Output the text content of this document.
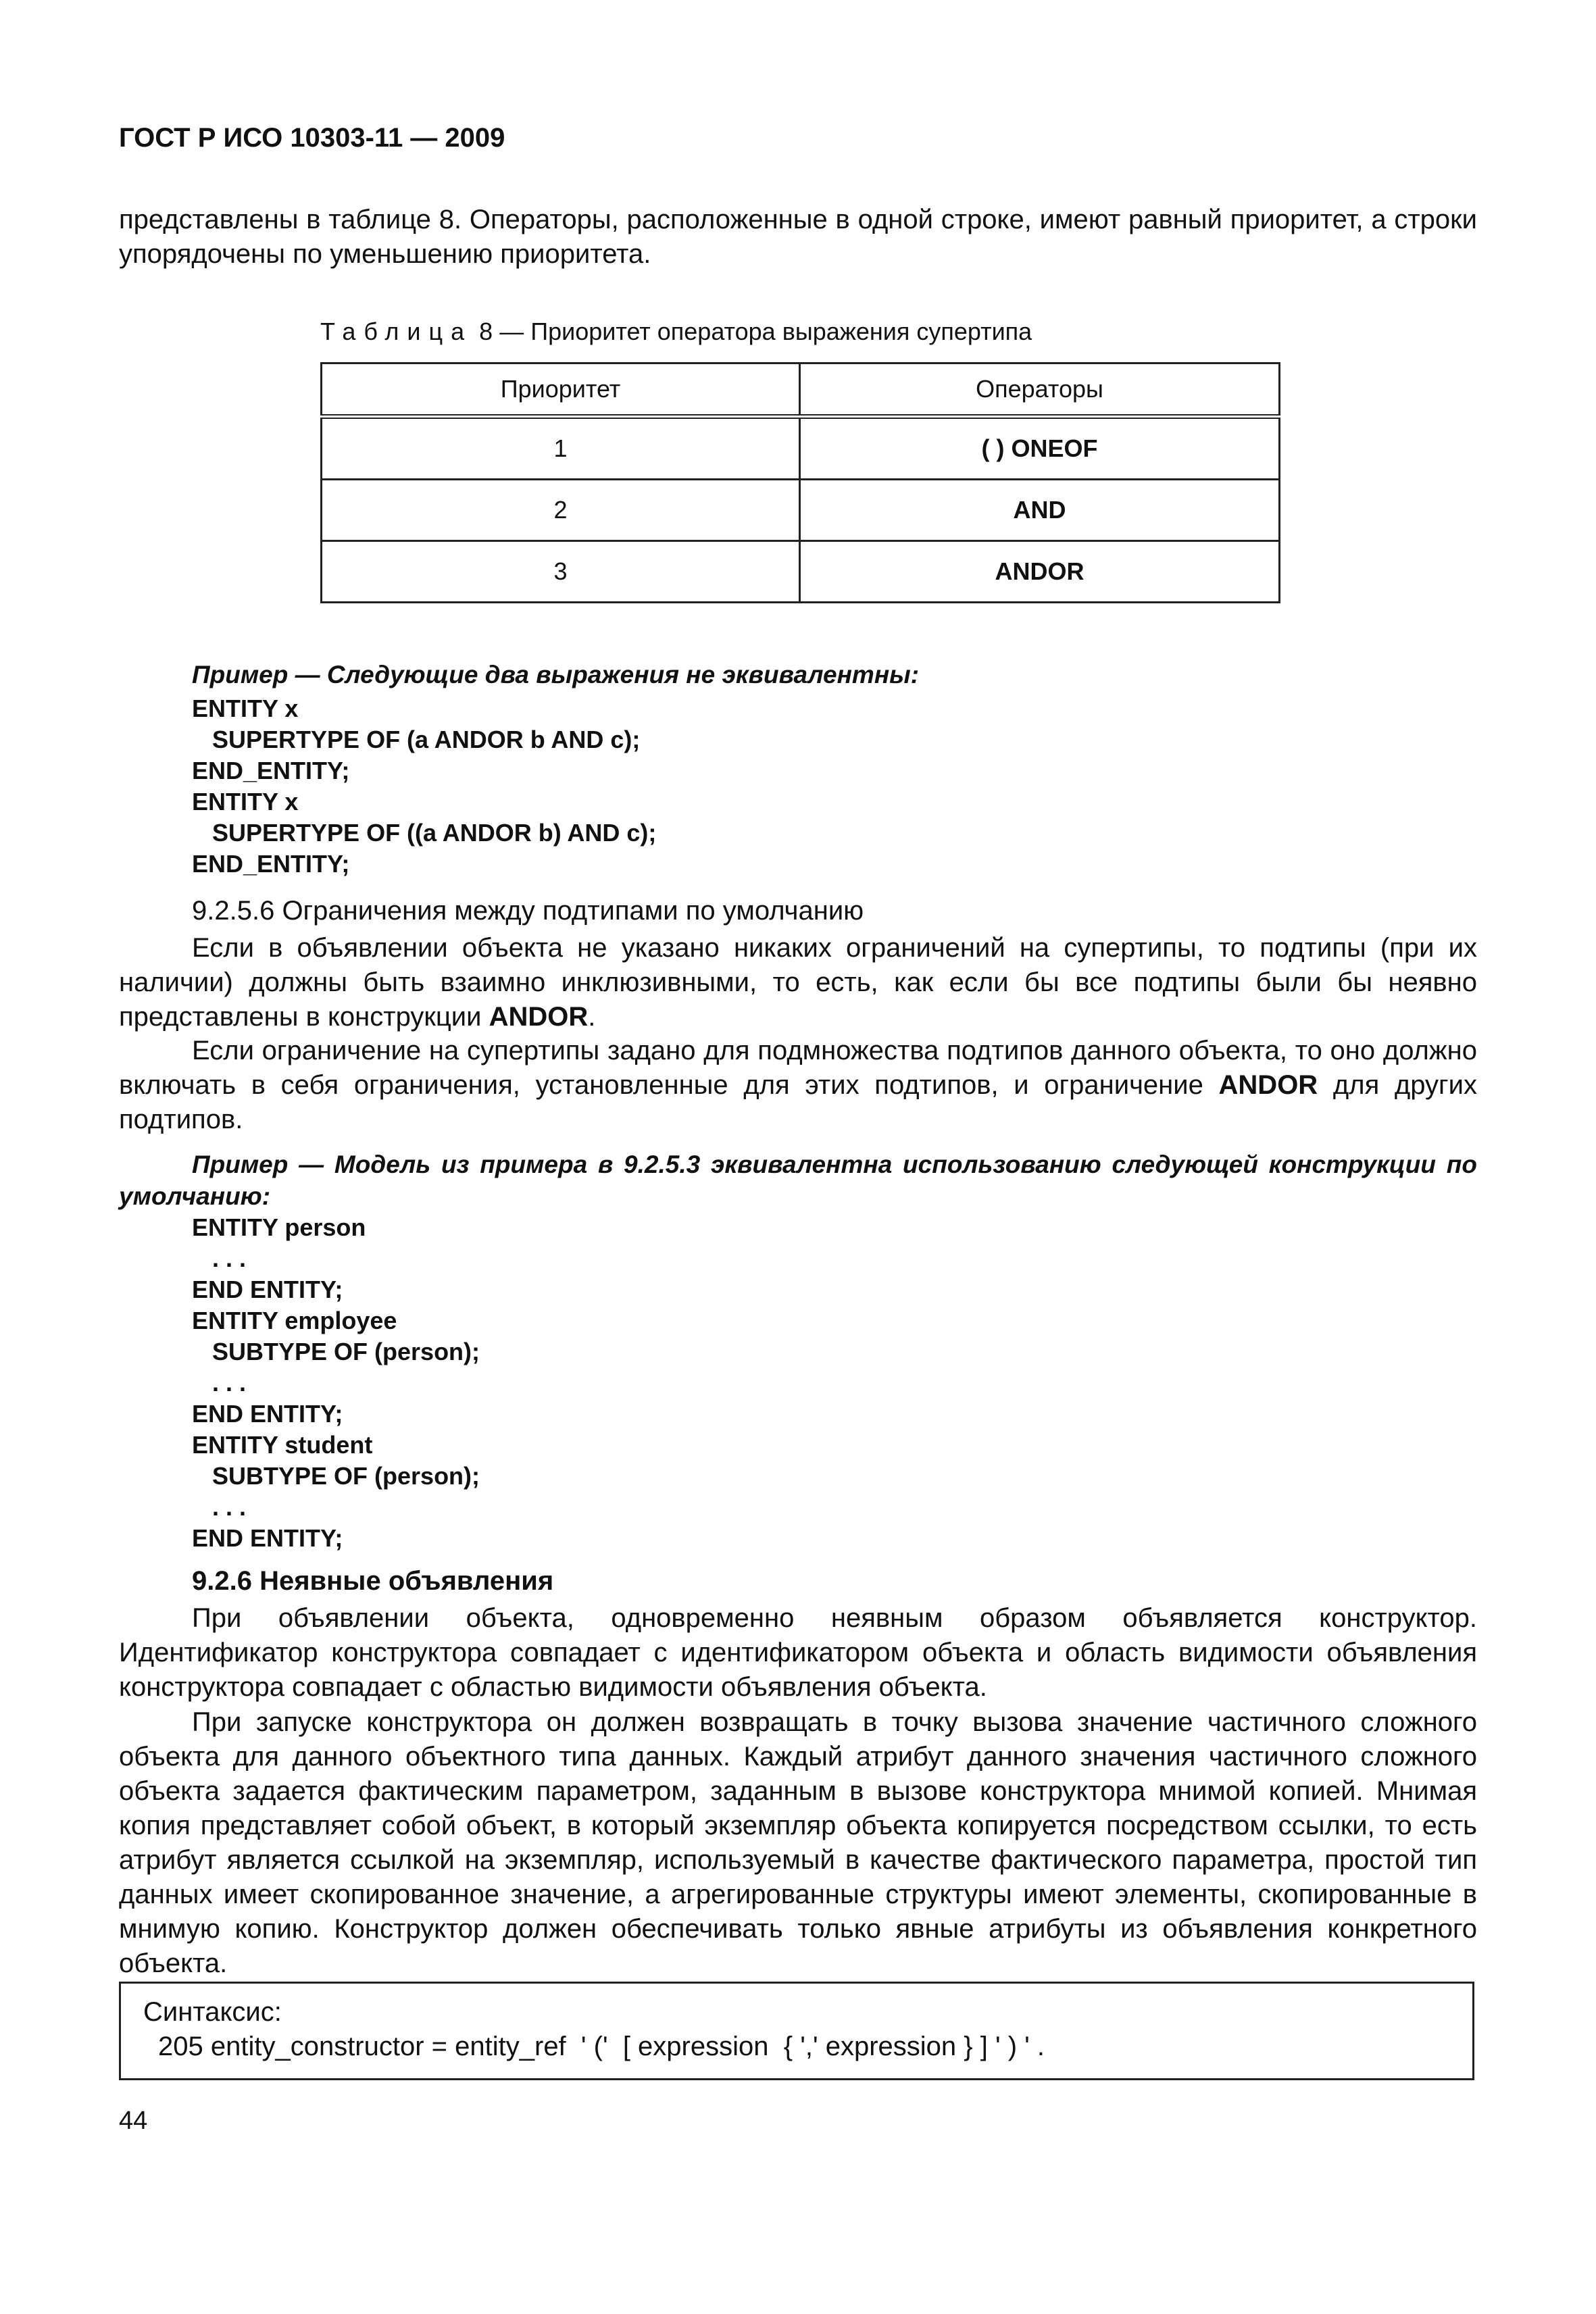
ГОСТ Р ИСО 10303-11 — 2009

представлены в таблице 8. Операторы, расположенные в одной строке, имеют равный приоритет, а строки упорядочены по уменьшению приоритета.

Таблица 8 — Приоритет оператора выражения супертипа
Приоритет	Операторы
1	( ) ONEOF
2	AND
3	ANDOR
Пример — Следующие два выражения не эквивалентны:
ENTITY x
SUPERTYPE OF (a ANDOR b AND c);
END_ENTITY;
ENTITY x
SUPERTYPE OF ((a ANDOR b) AND c);
END_ENTITY;
9.2.5.6 Ограничения между подтипами по умолчанию

Если в объявлении объекта не указано никаких ограничений на супертипы, то подтипы (при их наличии) должны быть взаимно инклюзивными, то есть, как если бы все подтипы были бы неявно представлены в конструкции ANDOR.

Если ограничение на супертипы задано для подмножества подтипов данного объекта, то оно должно включать в себя ограничения, установленные для этих подтипов, и ограничение ANDOR для других подтипов.

Пример — Модель из примера в 9.2.5.3 эквивалентна использованию следующей конструкции по умолчанию:
ENTITY person
. . .
END ENTITY;
ENTITY employee
SUBTYPE OF (person);
. . .
END ENTITY;
ENTITY student
SUBTYPE OF (person);
. . .
END ENTITY;
9.2.6 Неявные объявления

При объявлении объекта, одновременно неявным образом объявляется конструктор. Идентификатор конструктора совпадает с идентификатором объекта и область видимости объявления конструктора совпадает с областью видимости объявления объекта.

При запуске конструктора он должен возвращать в точку вызова значение частичного сложного объекта для данного объектного типа данных. Каждый атрибут данного значения частичного сложного объекта задается фактическим параметром, заданным в вызове конструктора мнимой копией. Мнимая копия представляет собой объект, в который экземпляр объекта копируется посредством ссылки, то есть атрибут является ссылкой на экземпляр, используемый в качестве фактического параметра, простой тип данных имеет скопированное значение, а агрегированные структуры имеют элементы, скопированные в мнимую копию. Конструктор должен обеспечивать только явные атрибуты из объявления конкретного объекта.

Синтаксис:
205 entity_constructor = entity_ref  ' ('  [ expression  { ',' expression } ] ' ) ' .
44
